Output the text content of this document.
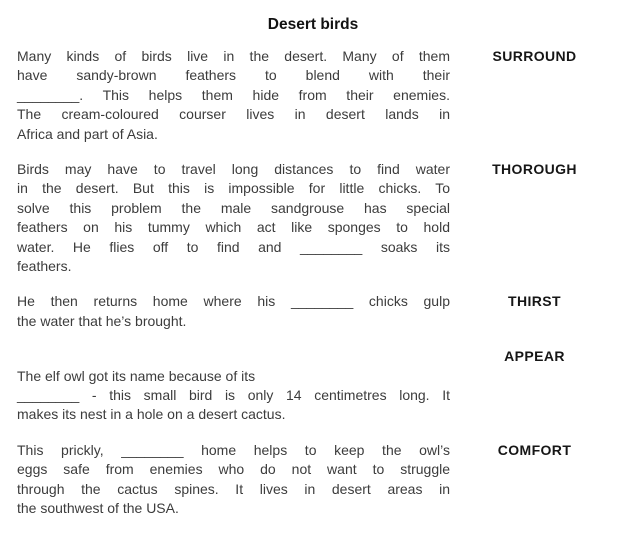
Desert birds
Many kinds of birds live in the desert. Many of them
have sandy-brown feathers to blend with their
________. This helps them hide from their enemies.
The cream-coloured courser lives in desert lands in
Africa and part of Asia.
SURROUND
Birds may have to travel long distances to find water
in the desert. But this is impossible for little chicks. To
solve this problem the male sandgrouse has special
feathers on his tummy which act like sponges to hold
water. He flies off to find and ________ soaks its
feathers.
THOROUGH
He then returns home where his ________ chicks gulp
the water that he’s brought.
THIRST
The elf owl got its name because of its
________ - this small bird is only 14 centimetres long. It
makes its nest in a hole on a desert cactus.
APPEAR
This prickly, ________ home helps to keep the owl’s
eggs safe from enemies who do not want to struggle
through the cactus spines. It lives in desert areas in
the southwest of the USA.
COMFORT
